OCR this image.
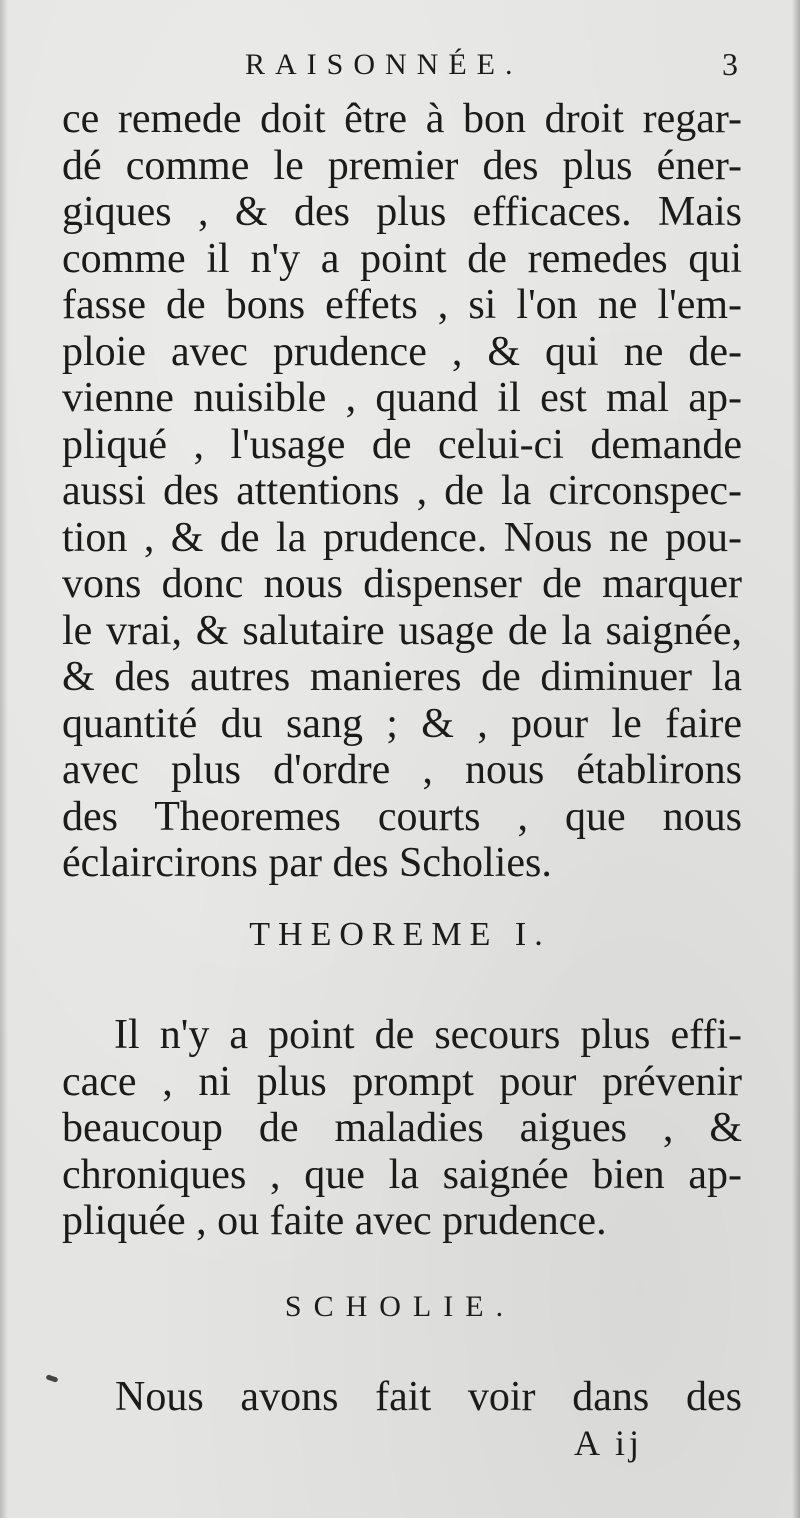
RAISONNÉE.	3
ce remede doit être à bon droit regar-
dé comme le premier des plus éner-
giques , & des plus efficaces. Mais
comme il n'y a point de remedes qui
fasse de bons effets , si l'on ne l'em-
ploie avec prudence , & qui ne de-
vienne nuisible , quand il est mal ap-
pliqué , l'usage de celui-ci demande
aussi des attentions , de la circonspec-
tion , & de la prudence. Nous ne pou-
vons donc nous dispenser de marquer
le vrai, & salutaire usage de la saignée,
& des autres manieres de diminuer la
quantité du sang ; & , pour le faire
avec plus d'ordre , nous établirons
des Theoremes courts , que nous
éclaircirons par des Scholies.
THEOREME I.
Il n'y a point de secours plus effi-
cace , ni plus prompt pour prévenir
beaucoup de maladies aigues , &
chroniques , que la saignée bien ap-
pliquée , ou faite avec prudence.
SCHOLIE.
Nous avons fait voir dans des
A ij
